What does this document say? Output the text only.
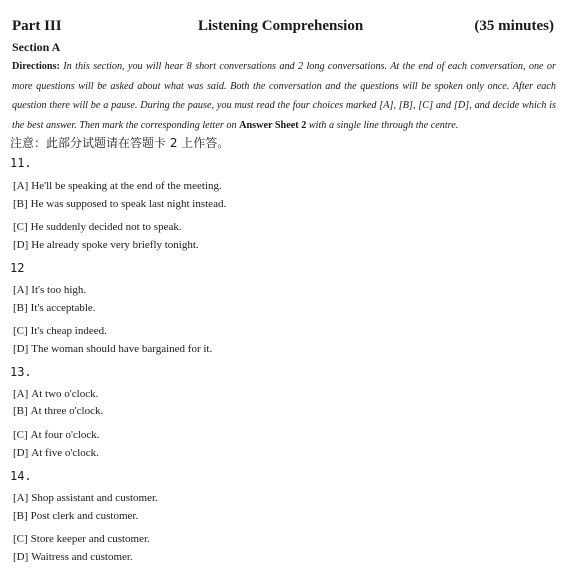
Part III	Listening Comprehension	(35 minutes)
Section A
Directions: In this section, you will hear 8 short conversations and 2 long conversations. At the end of each conversation, one or more questions will be asked about what was said. Both the conversation and the questions will be spoken only once. After each question there will be a pause. During the pause, you must read the four choices marked [A], [B], [C] and [D], and decide which is the best answer. Then mark the corresponding letter on Answer Sheet 2 with a single line through the centre.
注意：此部分试题请在答题卡 2 上作答。
11.
[A] He'll be speaking at the end of the meeting.
[B] He was supposed to speak last night instead.
[C] He suddenly decided not to speak.
[D] He already spoke very briefly tonight.
12
[A] It's too high.
[B] It's acceptable.
[C] It's cheap indeed.
[D] The woman should have bargained for it.
13.
[A] At two o'clock.
[B] At three o'clock.
[C] At four o'clock.
[D] At five o'clock.
14.
[A] Shop assistant and customer.
[B] Post clerk and customer.
[C] Store keeper and customer.
[D] Waitress and customer.
